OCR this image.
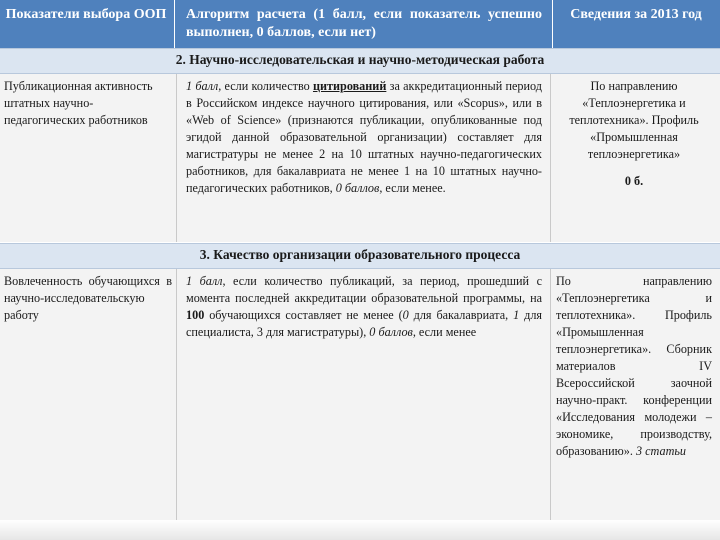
Показатели выбора ООП	Алгоритм расчета (1 балл, если показатель успешно выполнен, 0 баллов, если нет)
Сведения за 2013 год
2. Научно-исследовательская и научно-методическая работа
Публикационная активность штатных научно-педагогических работников
1 балл, если количество цитирований за аккредитационный период в Российском индексе научного цитирования, или «Scopus», или в «Web of Science» (признаются публикации, опубликованные под эгидой данной образовательной организации) составляет для магистратуры не менее 2 на 10 штатных научно-педагогических работников, для бакалавриата не менее 1 на 10 штатных научно-педагогических работников, 0 баллов, если менее.
По направлению «Теплоэнергетика и теплотехника». Профиль «Промышленная теплоэнергетика»
0 б.
3. Качество организации образовательного процесса
Вовлеченность обучающихся в научно-исследовательскую работу
1 балл, если количество публикаций, за период, прошедший с момента последней аккредитации образовательной программы, на 100 обучающихся составляет не менее (0 для бакалавриата, 1 для специалиста, 3 для магистратуры), 0 баллов, если менее
По направлению «Теплоэнергетика и теплотехника». Профиль «Промышленная теплоэнергетика». Сборник материалов IV Всероссийской заочной научно-практ. конференции «Исследования молодежи – экономике, производству, образованию». 3 статьи
